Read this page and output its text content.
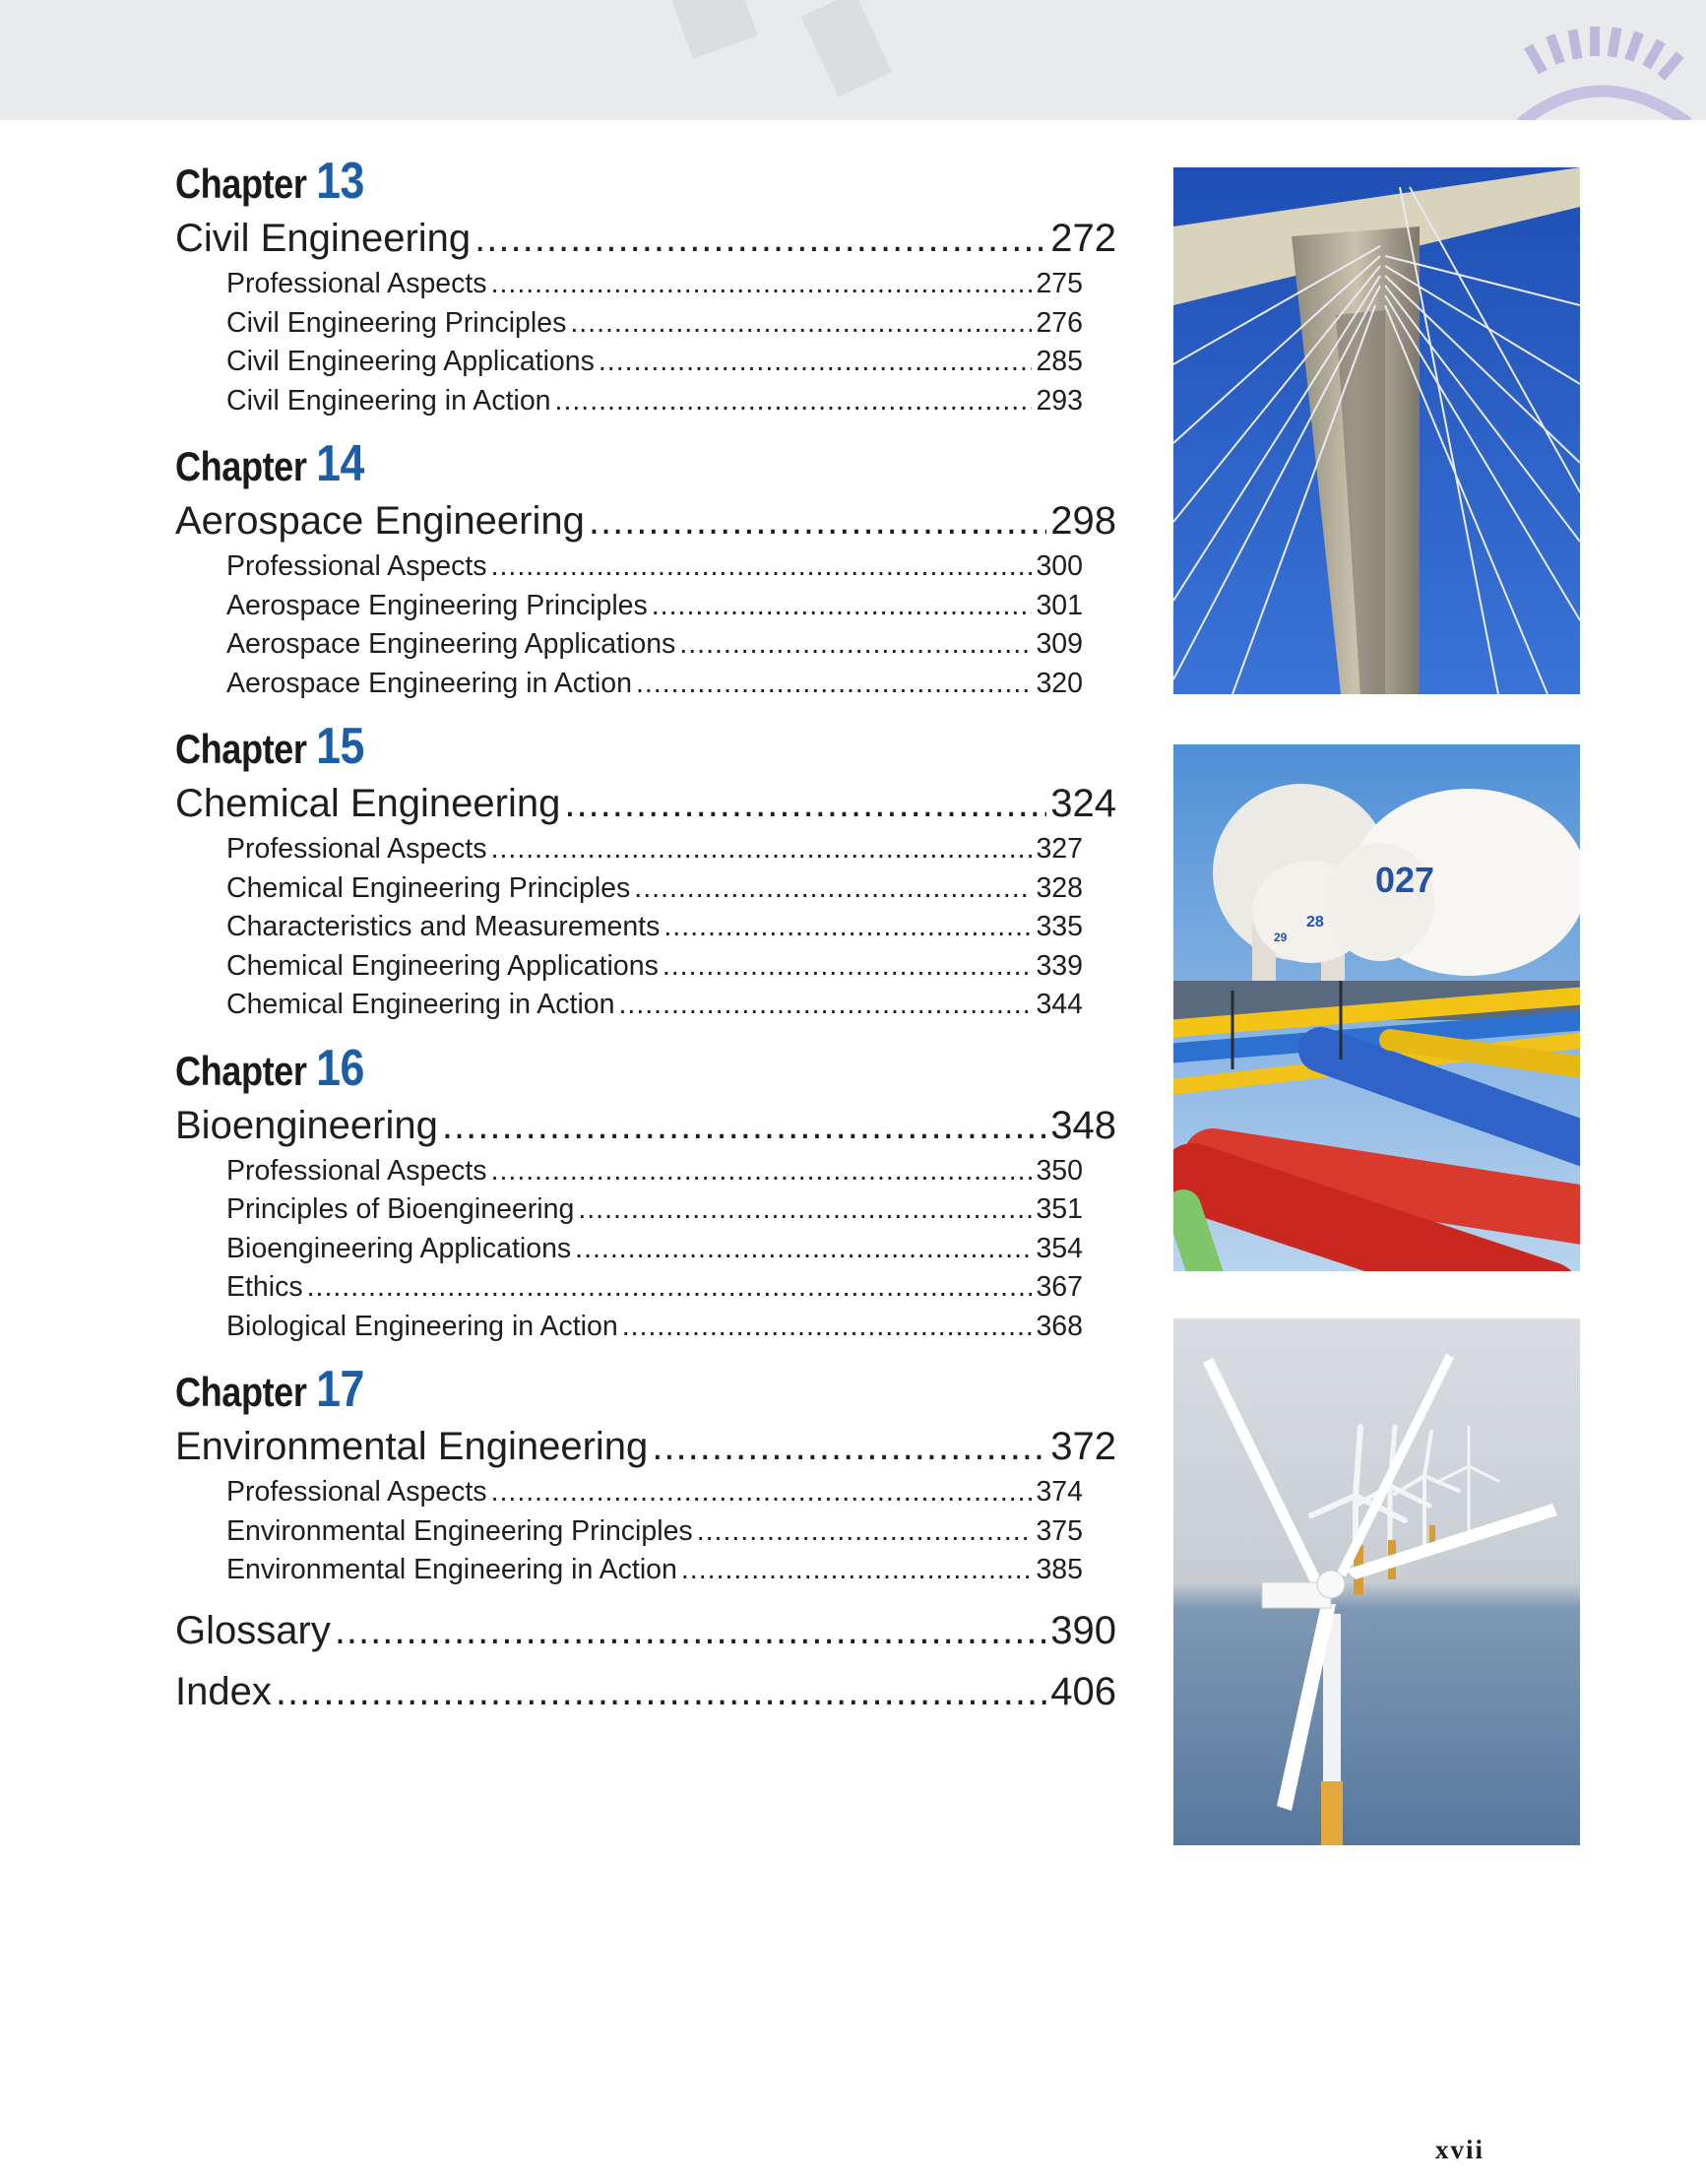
Chapter 13
Civil Engineering .....	272
Professional Aspects .....	275
Civil Engineering Principles .....	276
Civil Engineering Applications .....	285
Civil Engineering in Action .....	293
Chapter 14
Aerospace Engineering .....	298
Professional Aspects .....	300
Aerospace Engineering Principles .....	301
Aerospace Engineering Applications .....	309
Aerospace Engineering in Action .....	320
Chapter 15
Chemical Engineering .....	324
Professional Aspects .....	327
Chemical Engineering Principles .....	328
Characteristics and Measurements .....	335
Chemical Engineering Applications .....	339
Chemical Engineering in Action .....	344
Chapter 16
Bioengineering .....	348
Professional Aspects .....	350
Principles of Bioengineering .....	351
Bioengineering Applications .....	354
Ethics .....	367
Biological Engineering in Action .....	368
Chapter 17
Environmental Engineering .....	372
Professional Aspects .....	374
Environmental Engineering Principles .....	375
Environmental Engineering in Action .....	385
Glossary .....	390
Index .....	406
027
28
29
xvii
